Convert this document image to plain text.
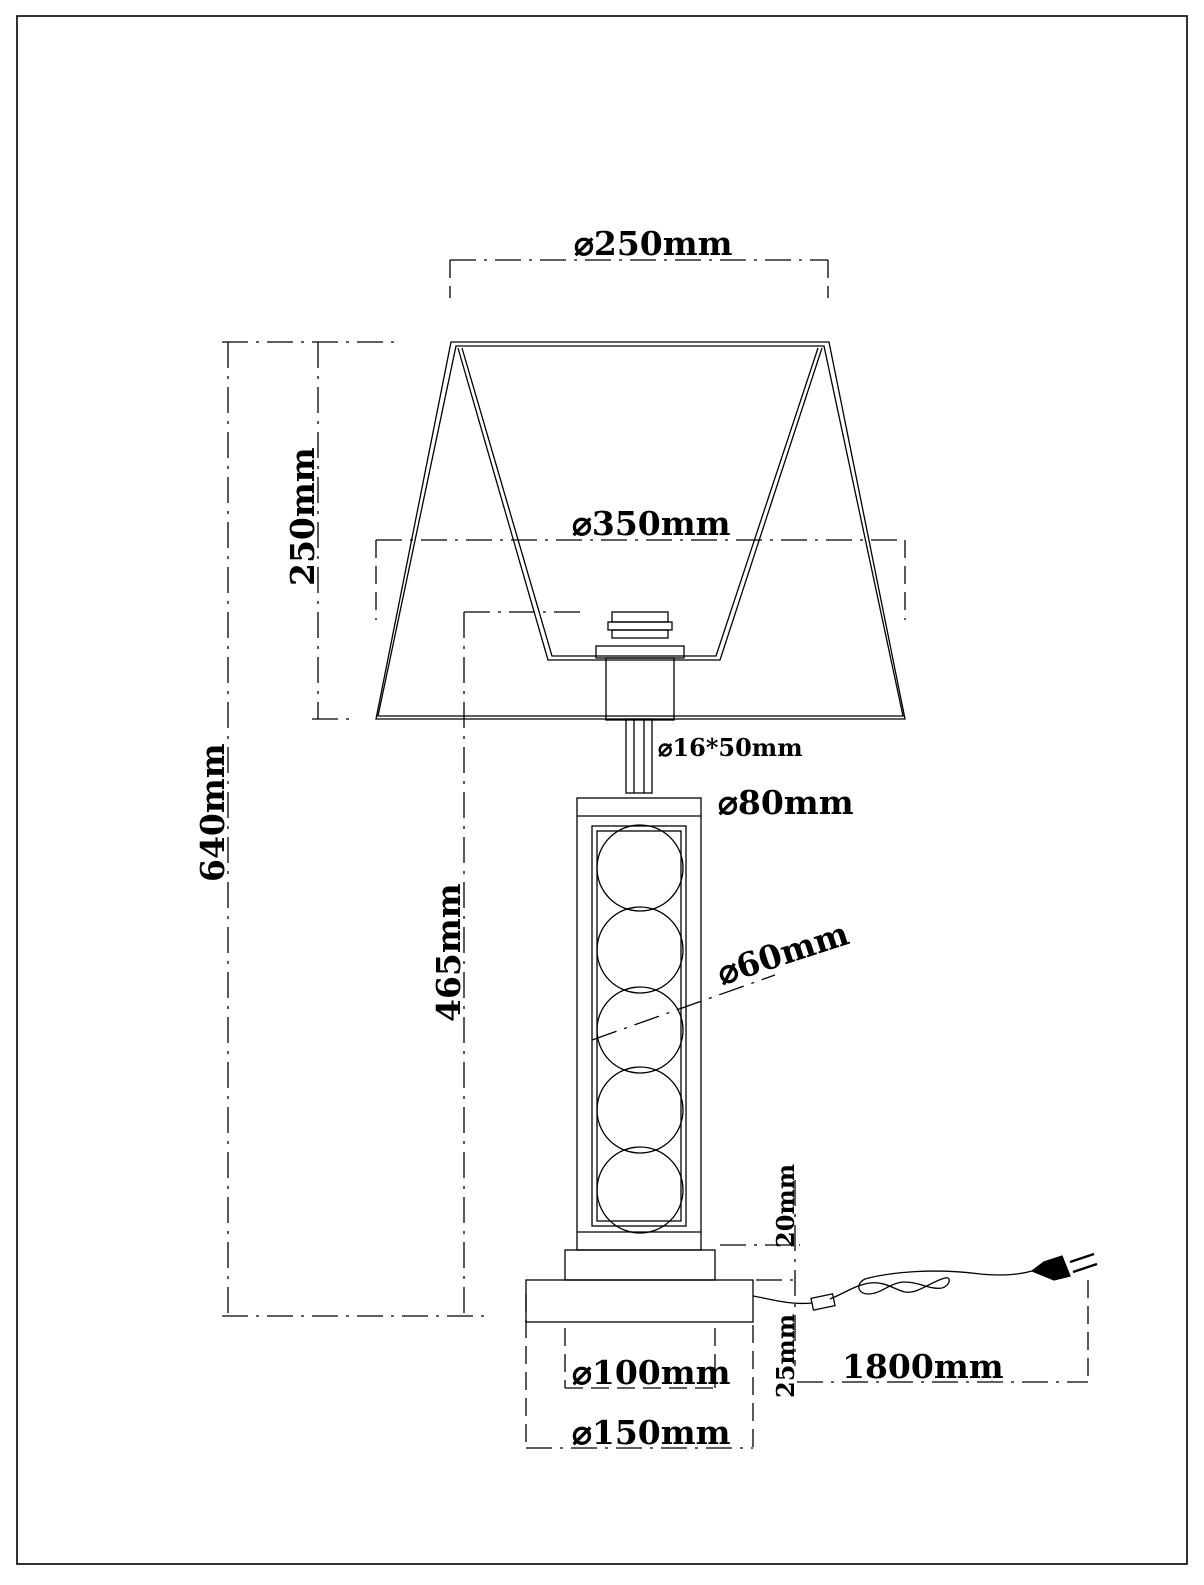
⌀250mm
⌀350mm
250mm
640mm
465mm
⌀16*50mm
⌀80mm
⌀60mm
20mm
25mm 1800mm
⌀100mm
⌀150mm
